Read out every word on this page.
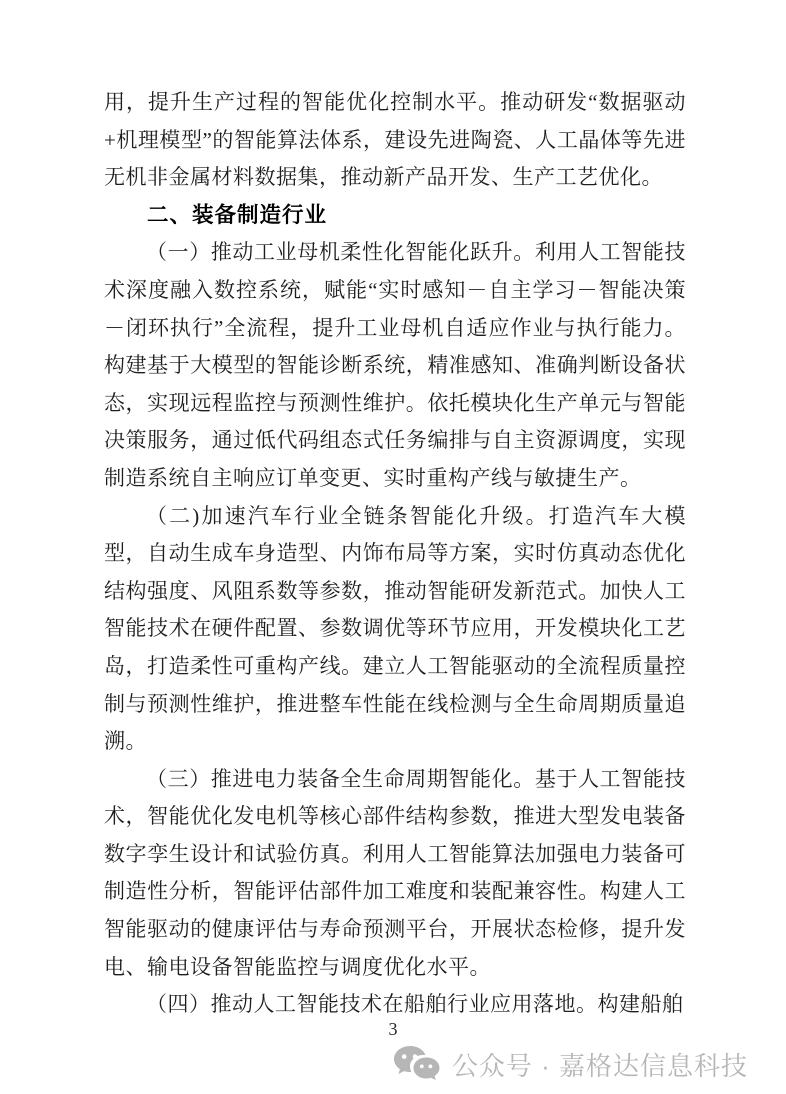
用，提升生产过程的智能优化控制水平。推动研发“数据驱动+机理模型”的智能算法体系，建设先进陶瓷、人工晶体等先进无机非金属材料数据集，推动新产品开发、生产工艺优化。

二、装备制造行业

（一）推动工业母机柔性化智能化跃升。利用人工智能技术深度融入数控系统，赋能“实时感知－自主学习－智能决策－闭环执行”全流程，提升工业母机自适应作业与执行能力。构建基于大模型的智能诊断系统，精准感知、准确判断设备状态，实现远程监控与预测性维护。依托模块化生产单元与智能决策服务，通过低代码组态式任务编排与自主资源调度，实现制造系统自主响应订单变更、实时重构产线与敏捷生产。

（二)加速汽车行业全链条智能化升级。打造汽车大模型，自动生成车身造型、内饰布局等方案，实时仿真动态优化结构强度、风阻系数等参数，推动智能研发新范式。加快人工智能技术在硬件配置、参数调优等环节应用，开发模块化工艺岛，打造柔性可重构产线。建立人工智能驱动的全流程质量控制与预测性维护，推进整车性能在线检测与全生命周期质量追溯。

（三）推进电力装备全生命周期智能化。基于人工智能技术，智能优化发电机等核心部件结构参数，推进大型发电装备数字孪生设计和试验仿真。利用人工智能算法加强电力装备可制造性分析，智能评估部件加工难度和装配兼容性。构建人工智能驱动的健康评估与寿命预测平台，开展状态检修，提升发电、输电设备智能监控与调度优化水平。

（四）推动人工智能技术在船舶行业应用落地。构建船舶

3
公众号 · 嘉格达信息科技
